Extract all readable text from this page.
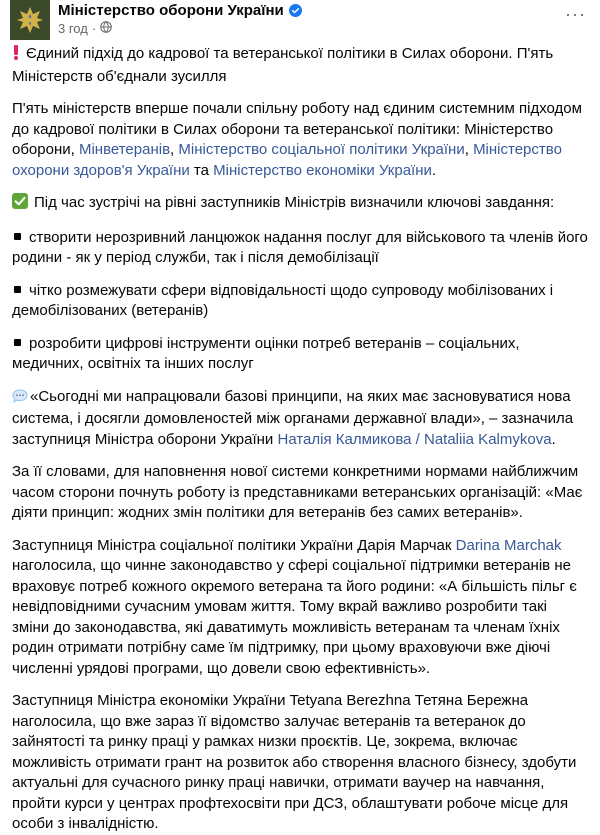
Міністерство оборони України
3 год ·
···

Єдиний підхід до кадрової та ветеранської політики в Силах оборони. П'ять Міністерств об'єднали зусилля

П'ять міністерств вперше почали спільну роботу над єдиним системним підходом до кадрової політики в Силах оборони та ветеранської політики: Міністерство оборони, Мінветеранів, Міністерство соціальної політики України, Міністерство охорони здоров'я України та Міністерство економіки України.

Під час зустрічі на рівні заступників Міністрів визначили ключові завдання:

створити нерозривний ланцюжок надання послуг для військового та членів його родини - як у період служби, так і після демобілізації

чітко розмежувати сфери відповідальності щодо супроводу мобілізованих і демобілізованих (ветеранів)

розробити цифрові інструменти оцінки потреб ветеранів – соціальних, медичних, освітніх та інших послуг

«Сьогодні ми напрацювали базові принципи, на яких має засновуватися нова система, і досягли домовленостей між органами державної влади», – зазначила заступниця Міністра оборони України Наталія Калмикова / Nataliia Kalmykova.

За її словами, для наповнення нової системи конкретними нормами найближчим часом сторони почнуть роботу із представниками ветеранських організацій: «Має діяти принцип: жодних змін політики для ветеранів без самих ветеранів».

Заступниця Міністра соціальної політики України Дарія Марчак Darina Marchak наголосила, що чинне законодавство у сфері соціальної підтримки ветеранів не враховує потреб кожного окремого ветерана та його родини: «А більшість пільг є невідповідними сучасним умовам життя. Тому вкрай важливо розробити такі зміни до законодавства, які даватимуть можливість ветеранам та членам їхніх родин отримати потрібну саме їм підтримку, при цьому враховуючи вже діючі численні урядові програми, що довели свою ефективність».

Заступниця Міністра економіки України Tetyana Berezhna Тетяна Бережна наголосила, що вже зараз її відомство залучає ветеранів та ветеранок до зайнятості та ринку праці у рамках низки проєктів. Це, зокрема, включає можливість отримати грант на розвиток або створення власного бізнесу, здобути актуальні для сучасного ринку праці навички, отримати ваучер на навчання, пройти курси у центрах профтехосвіти при ДСЗ, облаштувати робоче місце для особи з інвалідністю.
